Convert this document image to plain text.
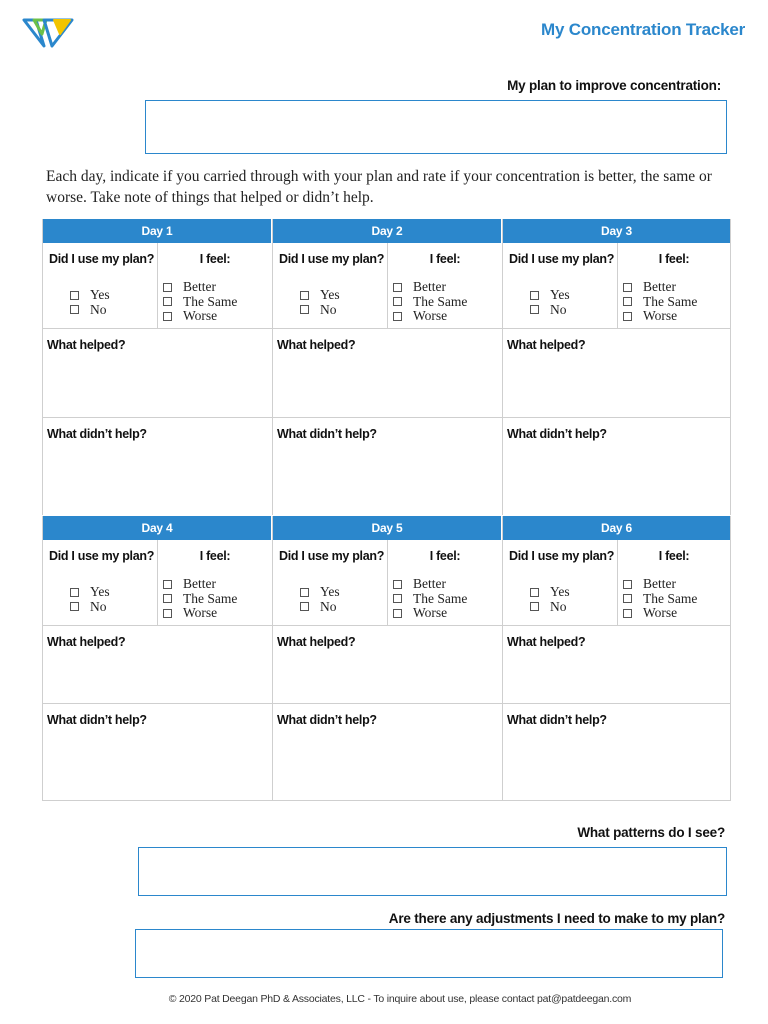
My Concentration Tracker
My plan to improve concentration:
Each day, indicate if you carried through with your plan and rate if your concentration is better, the same or worse. Take note of things that helped or didn’t help.
Day 1
Did I use my plan?
Yes
No
I feel:
Better
The Same
Worse
What helped?
What didn’t help?
Day 2
Did I use my plan?
Yes
No
I feel:
Better
The Same
Worse
What helped?
What didn’t help?
Day 3
Did I use my plan?
Yes
No
I feel:
Better
The Same
Worse
What helped?
What didn’t help?
Day 4
Did I use my plan?
Yes
No
I feel:
Better
The Same
Worse
What helped?
What didn’t help?
Day 5
Did I use my plan?
Yes
No
I feel:
Better
The Same
Worse
What helped?
What didn’t help?
Day 6
Did I use my plan?
Yes
No
I feel:
Better
The Same
Worse
What helped?
What didn’t help?
What patterns do I see?
Are there any adjustments I need to make to my plan?
© 2020 Pat Deegan PhD & Associates, LLC - To inquire about use, please contact pat@patdeegan.com
